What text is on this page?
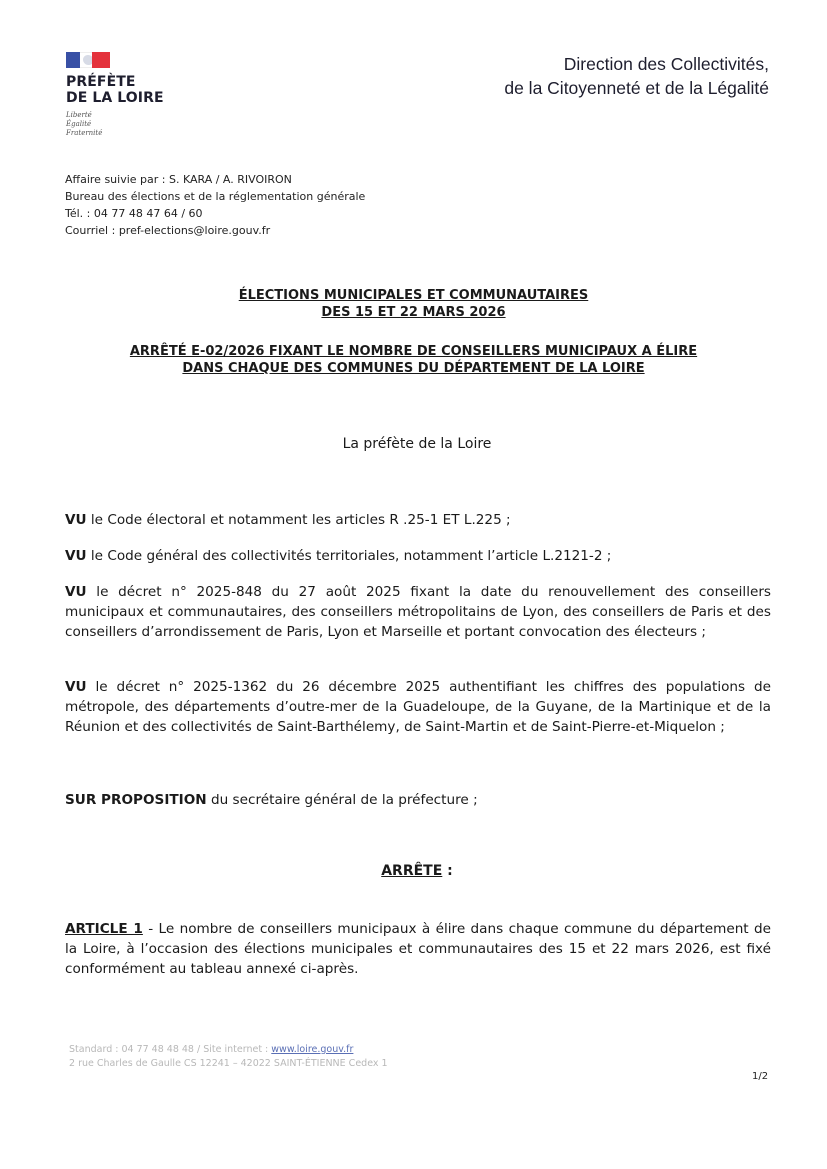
PRÉFÈTE
DE LA LOIRE
Liberté
Égalité
Fraternité
Direction des Collectivités,
de la Citoyenneté et de la Légalité
Affaire suivie par : S. KARA / A. RIVOIRON
Bureau des élections et de la réglementation générale
Tél. : 04 77 48 47 64 / 60
Courriel : pref-elections@loire.gouv.fr
ÉLECTIONS MUNICIPALES ET COMMUNAUTAIRES
DES 15 ET 22 MARS 2026
ARRÊTÉ E-02/2026 FIXANT LE NOMBRE DE CONSEILLERS MUNICIPAUX A ÉLIRE
DANS CHAQUE DES COMMUNES DU DÉPARTEMENT DE LA LOIRE
La préfète de la Loire
VU le Code électoral et notamment les articles R .25-1 ET L.225 ;
VU le Code général des collectivités territoriales, notamment l’article L.2121-2 ;
VU le décret n° 2025-848 du 27 août 2025 fixant la date du renouvellement des conseillers municipaux et communautaires, des conseillers métropolitains de Lyon, des conseillers de Paris et des conseillers d’arrondissement de Paris, Lyon et Marseille et portant convocation des électeurs ;
VU le décret n° 2025-1362 du 26 décembre 2025 authentifiant les chiffres des populations de métropole, des départements d’outre-mer de la Guadeloupe, de la Guyane, de la Martinique et de la Réunion et des collectivités de Saint-Barthélemy, de Saint-Martin et de Saint-Pierre-et-Miquelon ;
SUR PROPOSITION du secrétaire général de la préfecture ;
ARRÊTE :
ARTICLE 1 - Le nombre de conseillers municipaux à élire dans chaque commune du département de la Loire, à l’occasion des élections municipales et communautaires des 15 et 22 mars 2026, est fixé conformément au tableau annexé ci-après.
Standard : 04 77 48 48 48 / Site internet : www.loire.gouv.fr
2 rue Charles de Gaulle CS 12241 – 42022 SAINT-ÉTIENNE Cedex 1
1/2
